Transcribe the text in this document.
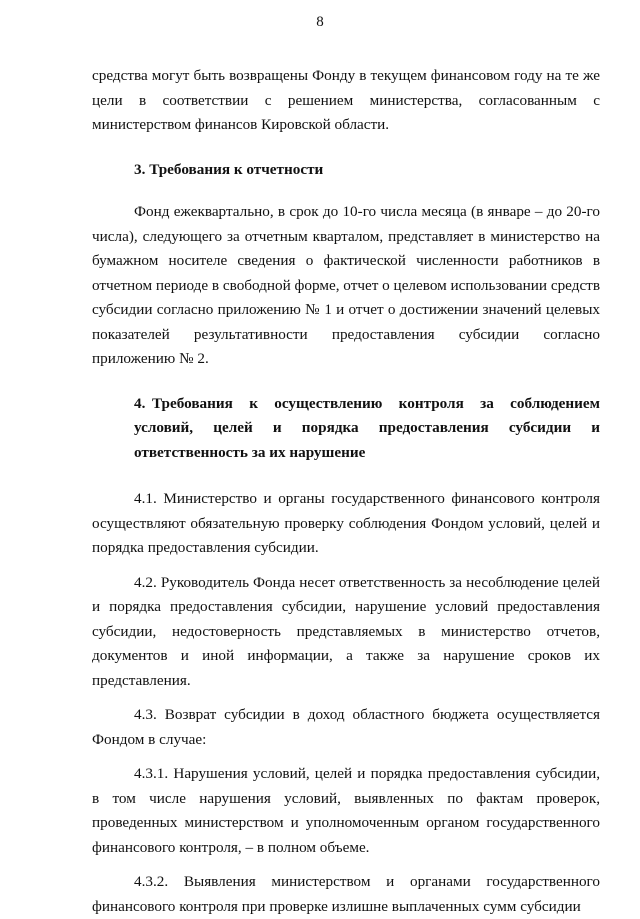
8

средства могут быть возвращены Фонду в текущем финансовом году на те же цели в соответствии с решением министерства, согласованным с министерством финансов Кировской области.

3. Требования к отчетности

Фонд ежеквартально, в срок до 10-го числа месяца (в январе – до 20-го числа), следующего за отчетным кварталом, представляет в министерство на бумажном носителе сведения о фактической численности работников в отчетном периоде в свободной форме, отчет о целевом использовании средств субсидии согласно приложению № 1 и отчет о достижении значений целевых показателей результативности предоставления субсидии согласно приложению № 2.

4. Требования к осуществлению контроля за соблюдением условий, целей и порядка предоставления субсидии и ответственность за их нарушение

4.1. Министерство и органы государственного финансового контроля осуществляют обязательную проверку соблюдения Фондом условий, целей и порядка предоставления субсидии.

4.2. Руководитель Фонда несет ответственность за несоблюдение целей и порядка предоставления субсидии, нарушение условий предоставления субсидии, недостоверность представляемых в министерство отчетов, документов и иной информации, а также за нарушение сроков их представления.

4.3. Возврат субсидии в доход областного бюджета осуществляется Фондом в случае:

4.3.1. Нарушения условий, целей и порядка предоставления субсидии, в том числе нарушения условий, выявленных по фактам проверок, проведенных министерством и уполномоченным органом государственного финансового контроля, – в полном объеме.

4.3.2. Выявления министерством и органами государственного финансового контроля при проверке излишне выплаченных сумм субсидии
